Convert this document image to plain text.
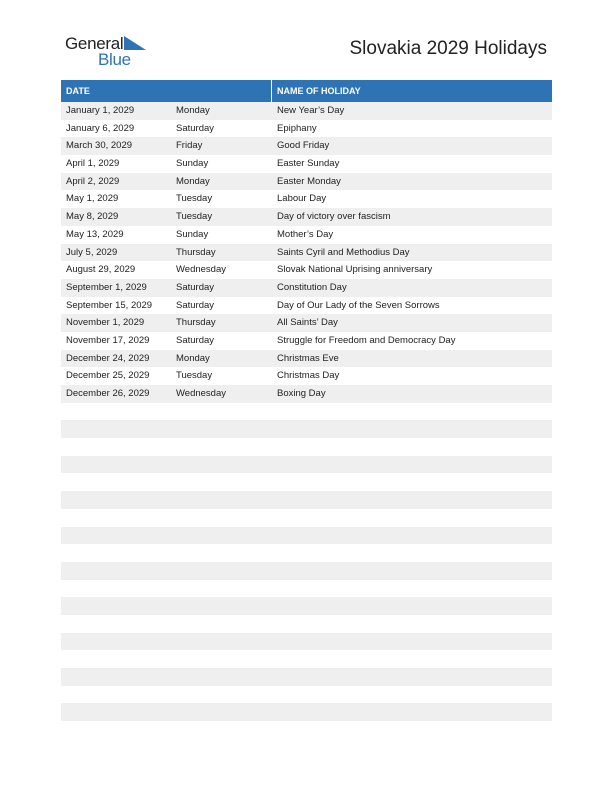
General
Blue
Slovakia 2029 Holidays
DATE	NAME OF HOLIDAY
January 1, 2029	Monday	New Year’s Day
January 6, 2029	Saturday	Epiphany
March 30, 2029	Friday	Good Friday
April 1, 2029	Sunday	Easter Sunday
April 2, 2029	Monday	Easter Monday
May 1, 2029	Tuesday	Labour Day
May 8, 2029	Tuesday	Day of victory over fascism
May 13, 2029	Sunday	Mother’s Day
July 5, 2029	Thursday	Saints Cyril and Methodius Day
August 29, 2029	Wednesday	Slovak National Uprising anniversary
September 1, 2029	Saturday	Constitution Day
September 15, 2029	Saturday	Day of Our Lady of the Seven Sorrows
November 1, 2029	Thursday	All Saints’ Day
November 17, 2029	Saturday	Struggle for Freedom and Democracy Day
December 24, 2029	Monday	Christmas Eve
December 25, 2029	Tuesday	Christmas Day
December 26, 2029	Wednesday	Boxing Day
